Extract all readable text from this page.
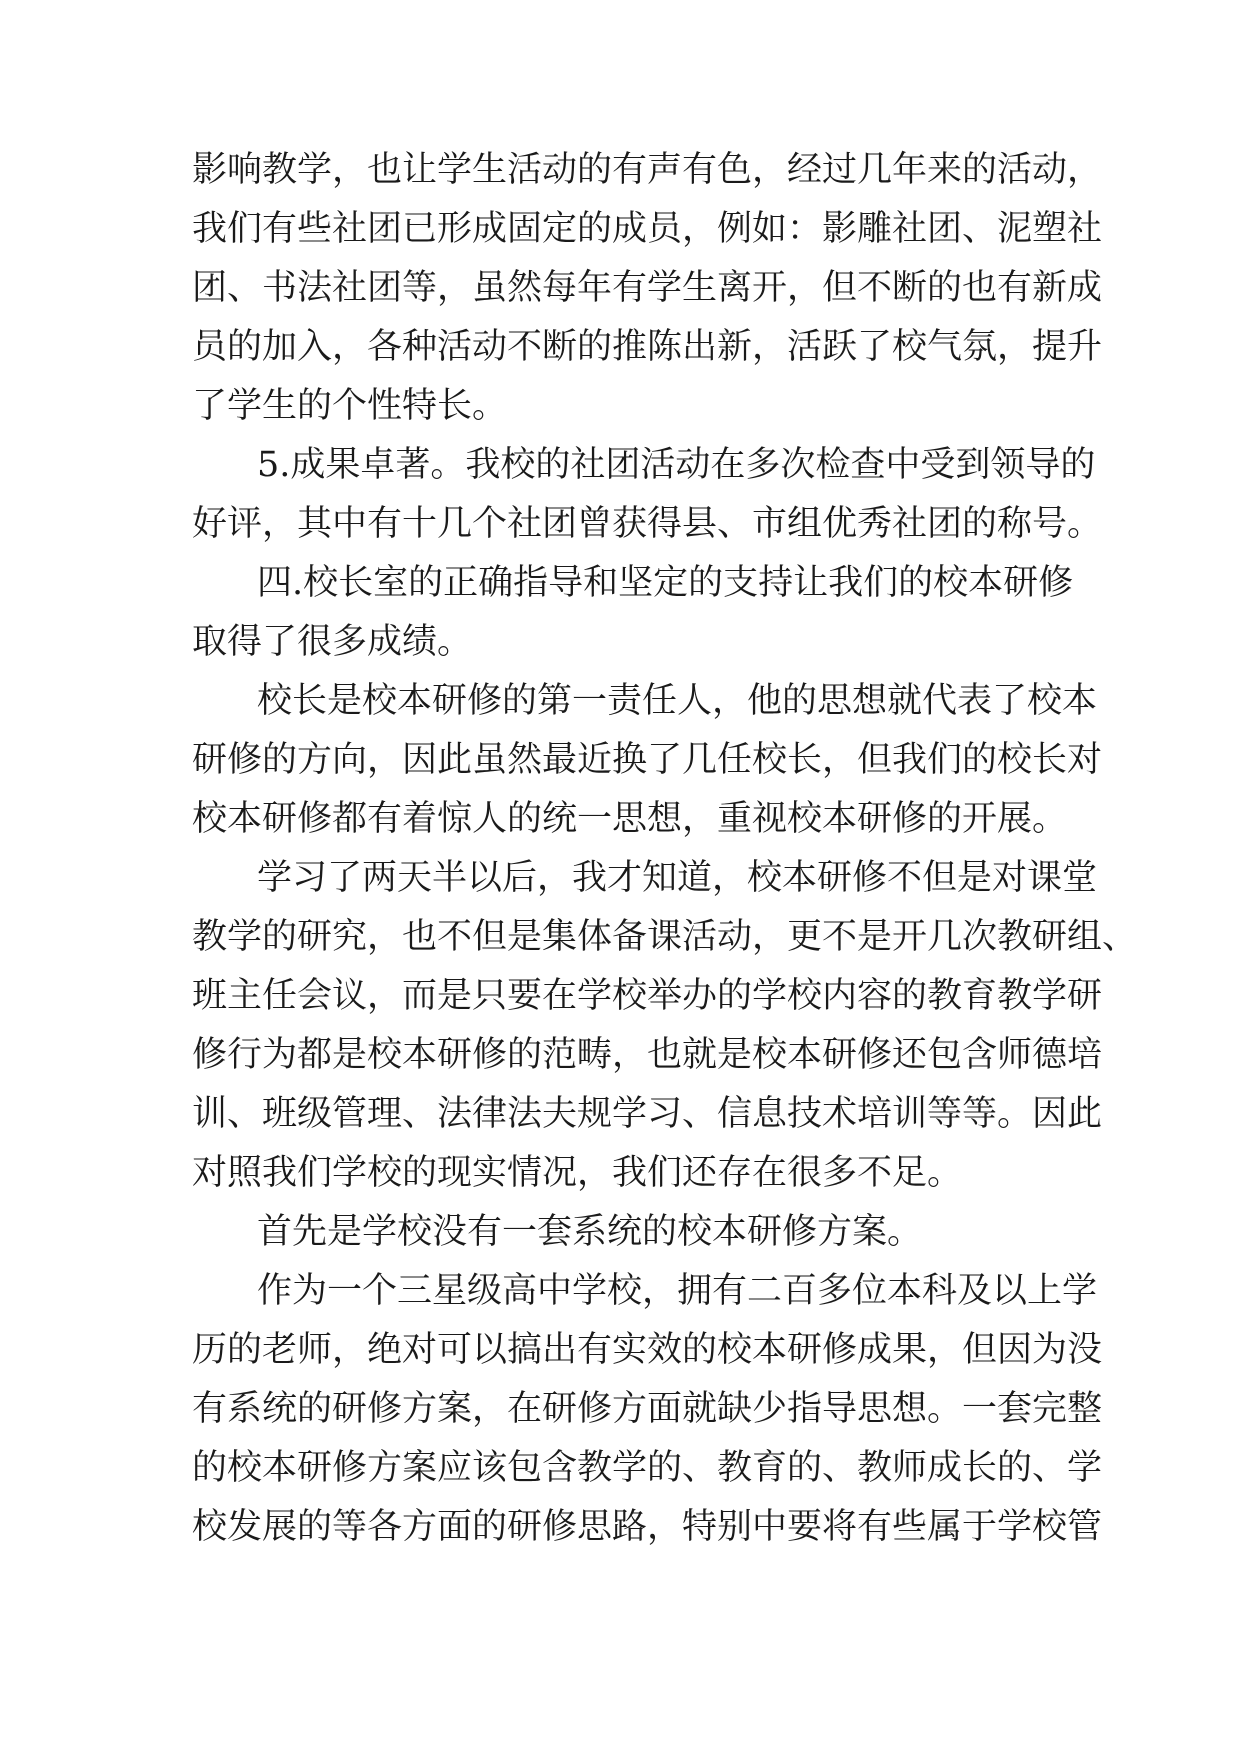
影响教学，也让学生活动的有声有色，经过几年来的活动，
我们有些社团已形成固定的成员，例如：影雕社团、泥塑社
团、书法社团等，虽然每年有学生离开，但不断的也有新成
员的加入，各种活动不断的推陈出新，活跃了校气氛，提升
了学生的个性特长。
5.成果卓著。我校的社团活动在多次检查中受到领导的
好评，其中有十几个社团曾获得县、市组优秀社团的称号。
四.校长室的正确指导和坚定的支持让我们的校本研修
取得了很多成绩。
校长是校本研修的第一责任人，他的思想就代表了校本
研修的方向，因此虽然最近换了几任校长，但我们的校长对
校本研修都有着惊人的统一思想，重视校本研修的开展。
学习了两天半以后，我才知道，校本研修不但是对课堂
教学的研究，也不但是集体备课活动，更不是开几次教研组、
班主任会议，而是只要在学校举办的学校内容的教育教学研
修行为都是校本研修的范畴，也就是校本研修还包含师德培
训、班级管理、法律法夫规学习、信息技术培训等等。因此
对照我们学校的现实情况，我们还存在很多不足。
首先是学校没有一套系统的校本研修方案。
作为一个三星级高中学校，拥有二百多位本科及以上学
历的老师，绝对可以搞出有实效的校本研修成果，但因为没
有系统的研修方案，在研修方面就缺少指导思想。一套完整
的校本研修方案应该包含教学的、教育的、教师成长的、学
校发展的等各方面的研修思路，特别中要将有些属于学校管
